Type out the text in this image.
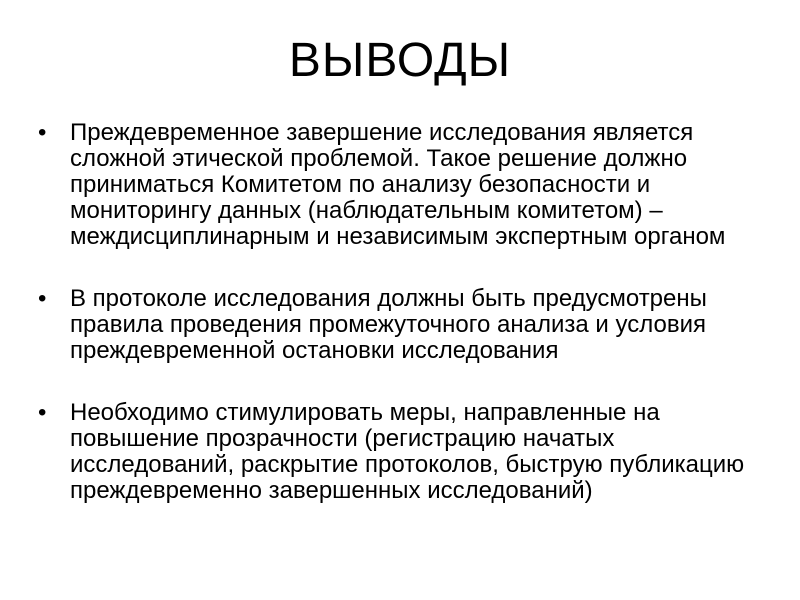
ВЫВОДЫ
• Преждевременное завершение исследования является сложной этической проблемой. Такое решение должно приниматься Комитетом по анализу безопасности и мониторингу данных (наблюдательным комитетом) – междисциплинарным и независимым экспертным органом
• В протоколе исследования должны быть предусмотрены правила проведения промежуточного анализа и условия преждевременной остановки исследования
• Необходимо стимулировать меры, направленные на повышение прозрачности (регистрацию начатых исследований, раскрытие протоколов, быструю публикацию преждевременно завершенных исследований)
